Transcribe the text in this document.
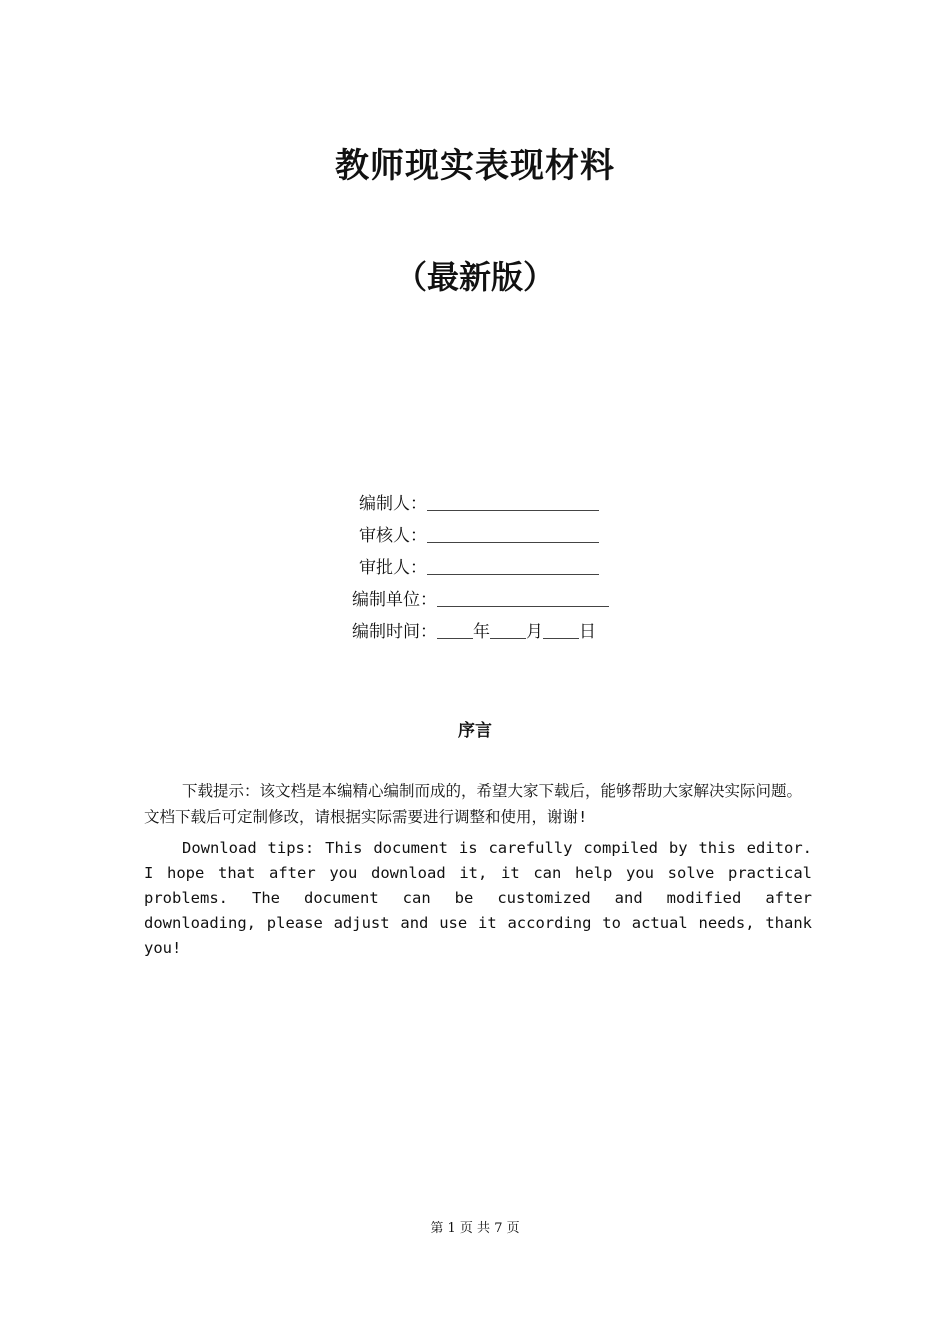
教师现实表现材料
（最新版）
编制人：
审核人：
审批人：
编制单位：
编制时间： 年 月 日
序言
下载提示：该文档是本编精心编制而成的，希望大家下载后，能够帮助大家解决实际问题。文档下载后可定制修改，请根据实际需要进行调整和使用，谢谢!
Download tips: This document is carefully compiled by this editor. I hope that after you download it, it can help you solve practical problems. The document can be customized and modified after downloading, please adjust and use it according to actual needs, thank you!
第 1 页 共 7 页
